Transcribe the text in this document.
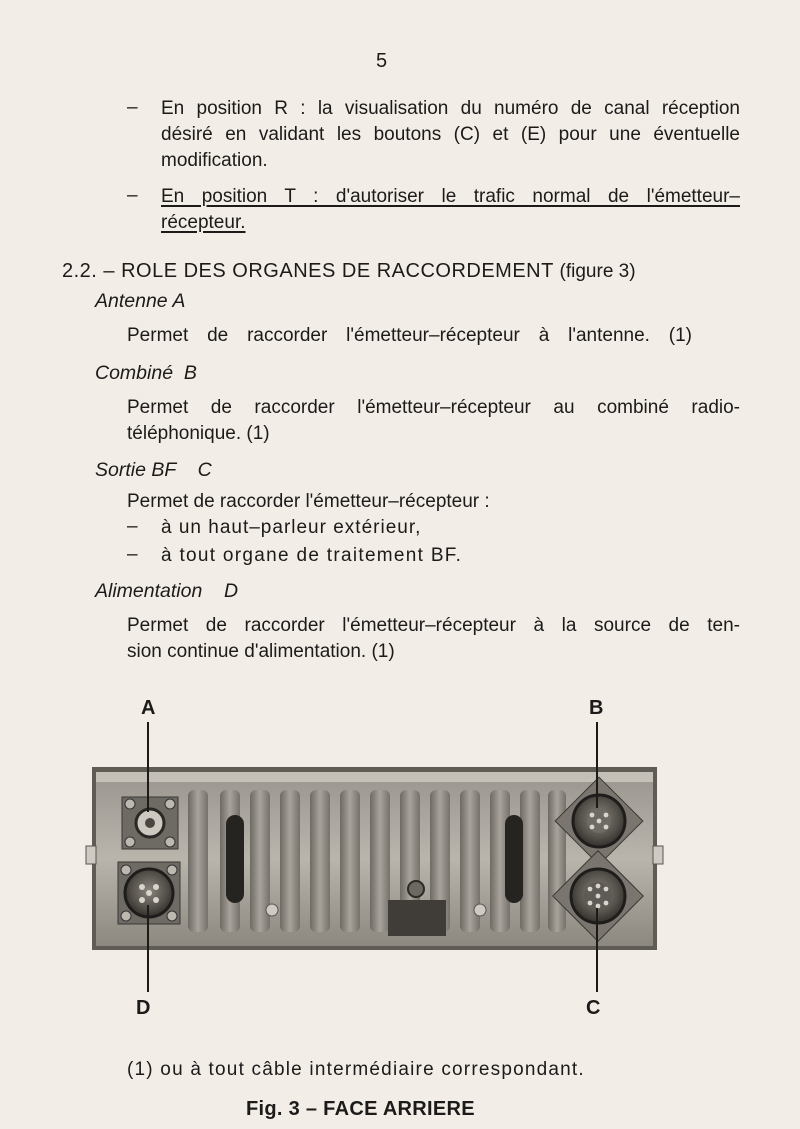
5
– En position R : la visualisation du numéro de canal réception
désiré en validant les boutons (C) et (E) pour une éventuelle
modification.
– En position T : d'autoriser le trafic normal de l'émetteur–
récepteur.
2.2. – ROLE DES ORGANES DE RACCORDEMENT (figure 3)
Antenne A
Permet de raccorder l'émetteur–récepteur à l'antenne. (1)
Combiné  B
Permet de raccorder l'émetteur–récepteur au combiné radio-
téléphonique. (1)
Sortie BF    C
Permet de raccorder l'émetteur–récepteur :
– à un haut–parleur extérieur,
– à tout organe de traitement BF.
Alimentation    D
Permet de raccorder l'émetteur–récepteur à la source de ten-
sion continue d'alimentation. (1)
A	B
D	C
(1) ou à tout câble intermédiaire correspondant.
Fig. 3 – FACE ARRIERE
